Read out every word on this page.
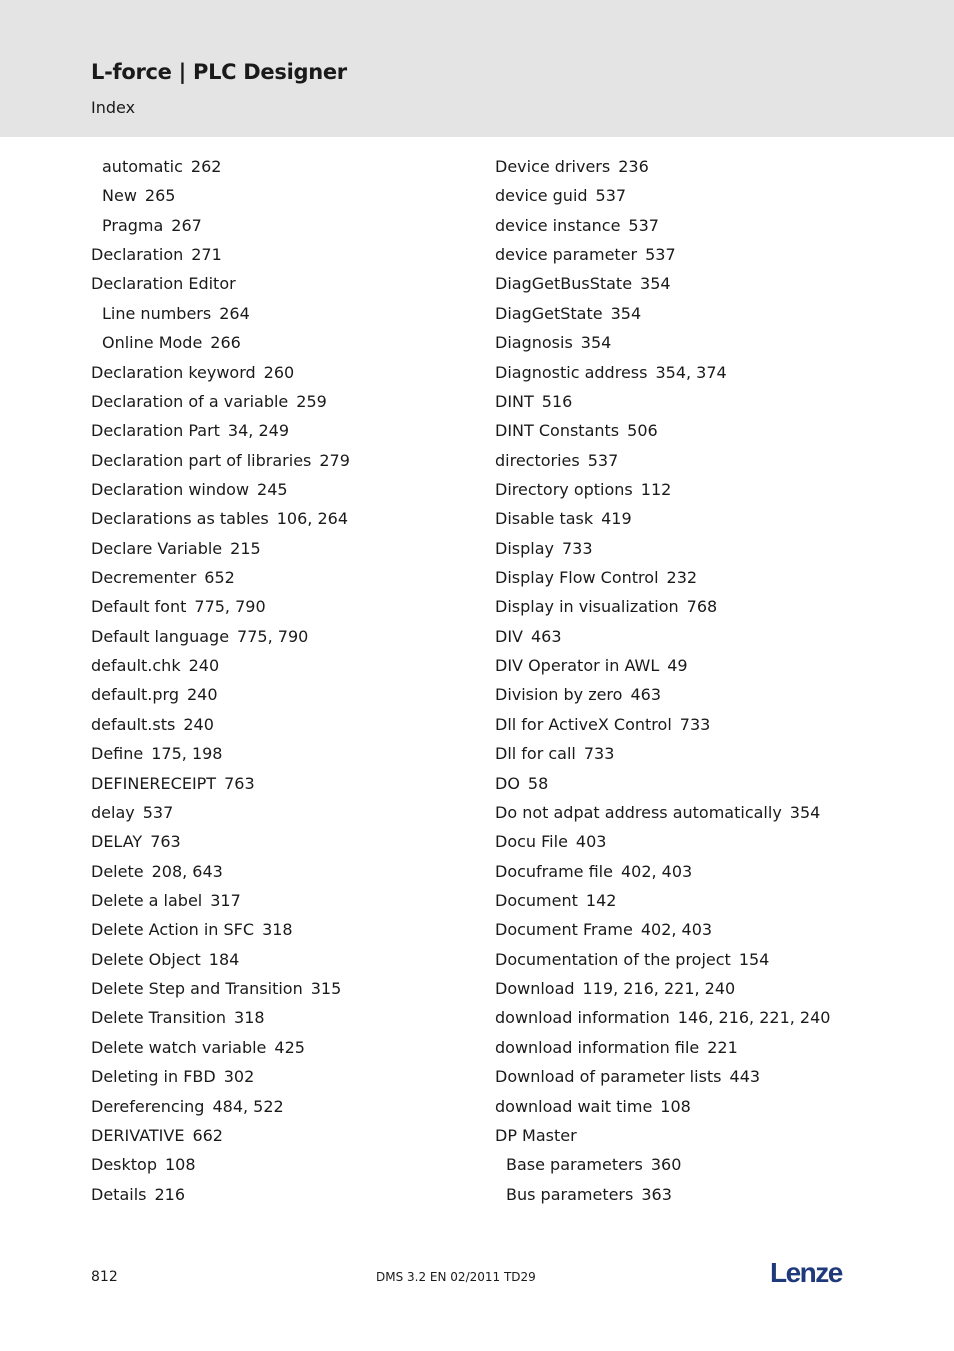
L-force | PLC Designer
Index
automatic 262
New 265
Pragma 267
Declaration 271
Declaration Editor
Line numbers 264
Online Mode 266
Declaration keyword 260
Declaration of a variable 259
Declaration Part 34, 249
Declaration part of libraries 279
Declaration window 245
Declarations as tables 106, 264
Declare Variable 215
Decrementer 652
Default font 775, 790
Default language 775, 790
default.chk 240
default.prg 240
default.sts 240
Define 175, 198
DEFINERECEIPT 763
delay 537
DELAY 763
Delete 208, 643
Delete a label 317
Delete Action in SFC 318
Delete Object 184
Delete Step and Transition 315
Delete Transition 318
Delete watch variable 425
Deleting in FBD 302
Dereferencing 484, 522
DERIVATIVE 662
Desktop 108
Details 216
Device drivers 236
device guid 537
device instance 537
device parameter 537
DiagGetBusState 354
DiagGetState 354
Diagnosis 354
Diagnostic address 354, 374
DINT 516
DINT Constants 506
directories 537
Directory options 112
Disable task 419
Display 733
Display Flow Control 232
Display in visualization 768
DIV 463
DIV Operator in AWL 49
Division by zero 463
Dll for ActiveX Control 733
Dll for call 733
DO 58
Do not adpat address automatically 354
Docu File 403
Docuframe file 402, 403
Document 142
Document Frame 402, 403
Documentation of the project 154
Download 119, 216, 221, 240
download information 146, 216, 221, 240
download information file 221
Download of parameter lists 443
download wait time 108
DP Master
Base parameters 360
Bus parameters 363
812	DMS 3.2 EN 02/2011 TD29	Lenze
